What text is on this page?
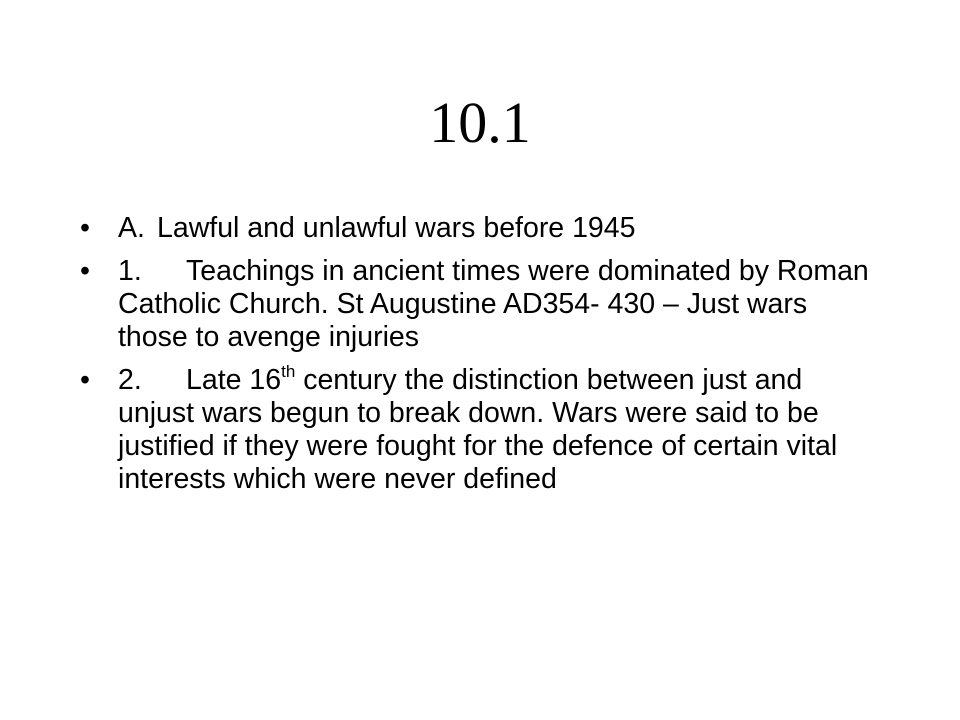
10.1
• A. Lawful and unlawful wars before 1945
• 1. Teachings in ancient times were dominated by Roman Catholic Church. St Augustine AD354- 430 – Just wars those to avenge injuries
• 2. Late 16th century the distinction between just and unjust wars begun to break down. Wars were said to be justified if they were fought for the defence of certain vital interests which were never defined
